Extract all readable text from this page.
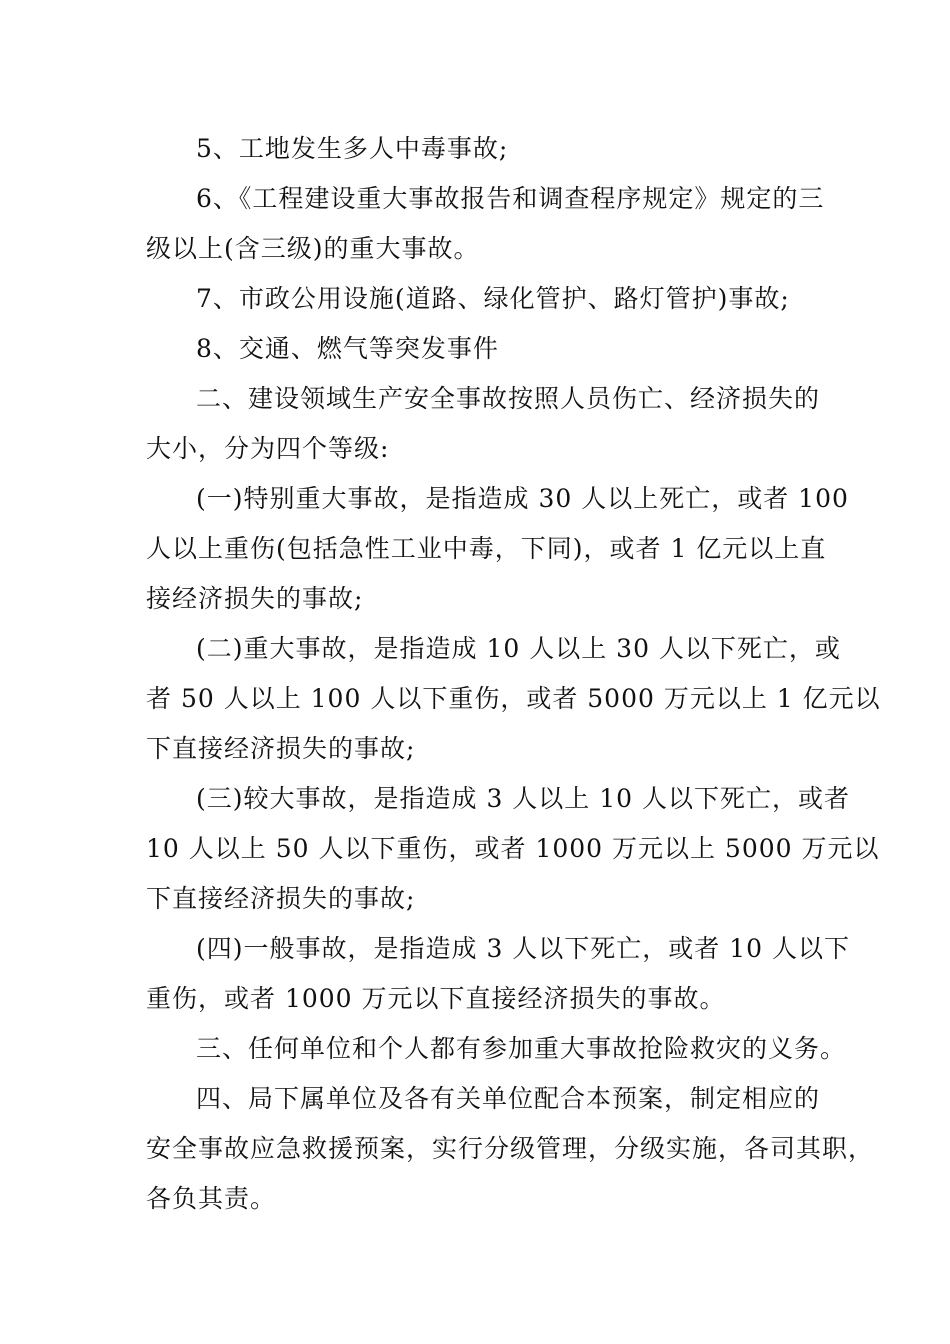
5、工地发生多人中毒事故;
6、《工程建设重大事故报告和调查程序规定》规定的三
级以上(含三级)的重大事故。
7、市政公用设施(道路、绿化管护、路灯管护)事故;
8、交通、燃气等突发事件
二、建设领域生产安全事故按照人员伤亡、经济损失的
大小，分为四个等级:
(一)特别重大事故，是指造成 30 人以上死亡，或者 100
人以上重伤(包括急性工业中毒，下同)，或者 1 亿元以上直
接经济损失的事故;
(二)重大事故，是指造成 10 人以上 30 人以下死亡，或
者 50 人以上 100 人以下重伤，或者 5000 万元以上 1 亿元以
下直接经济损失的事故;
(三)较大事故，是指造成 3 人以上 10 人以下死亡，或者
10 人以上 50 人以下重伤，或者 1000 万元以上 5000 万元以
下直接经济损失的事故;
(四)一般事故，是指造成 3 人以下死亡，或者 10 人以下
重伤，或者 1000 万元以下直接经济损失的事故。
三、任何单位和个人都有参加重大事故抢险救灾的义务。
四、局下属单位及各有关单位配合本预案，制定相应的
安全事故应急救援预案，实行分级管理，分级实施，各司其职，
各负其责。
